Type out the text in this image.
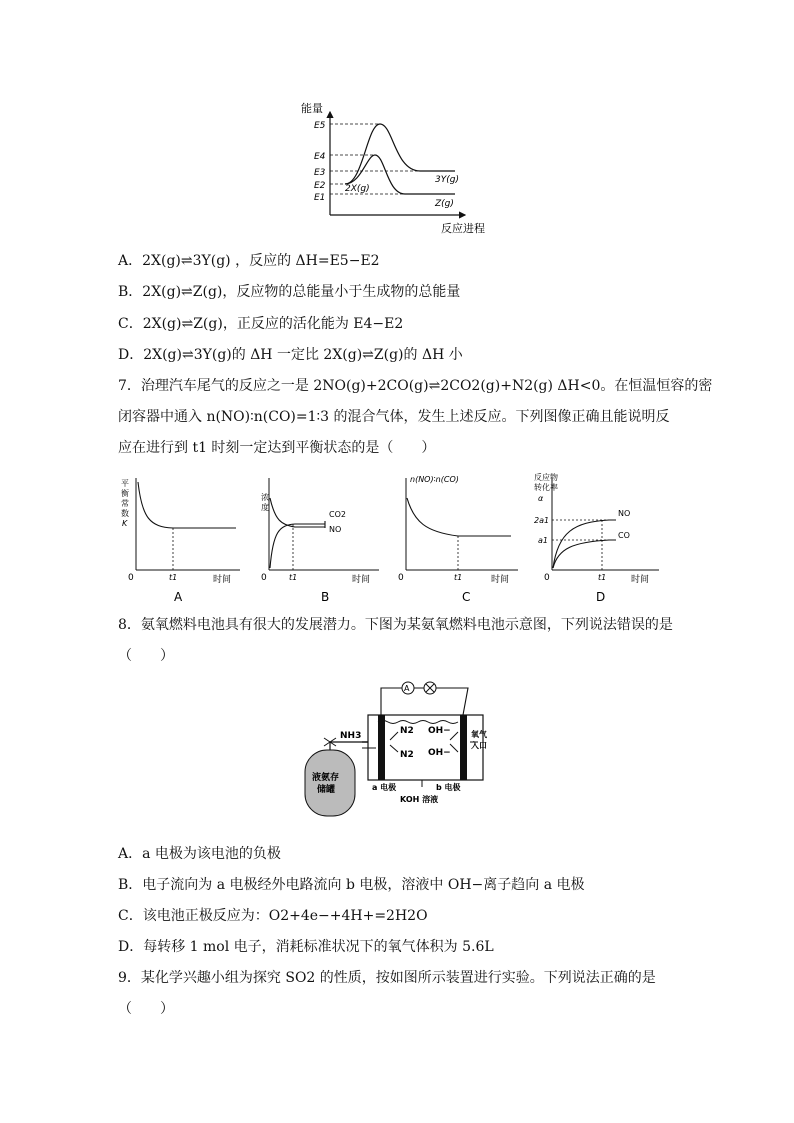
能量
反应进程
E5
E4
E3
E2
E1
3Y(g)
2X(g)
Z(g)
A．2X(g)⇌3Y(g) ，反应的 ΔH=E5−E2
B．2X(g)⇌Z(g)，反应物的总能量小于生成物的总能量
C．2X(g)⇌Z(g)，正反应的活化能为 E4−E2
D．2X(g)⇌3Y(g)的 ΔH 一定比 2X(g)⇌Z(g)的 ΔH 小
7．治理汽车尾气的反应之一是 2NO(g)+2CO(g)⇌2CO2(g)+N2(g) ΔH<0。在恒温恒容的密
闭容器中通入 n(NO)∶n(CO)=1∶3 的混合气体，发生上述反应。下列图像正确且能说明反
应在进行到 t1 时刻一定达到平衡状态的是（　　）
平
衡
常
数
K
0	t1	时间
A
浓
度
CO2
NO
0	t1	时间
B
n(NO)∶n(CO)
0	t1	时间
C
反应物
转化率
α
2a1
a1
NO
CO
0	t1	时间
D
8．氨氧燃料电池具有很大的发展潜力。下图为某氨氧燃料电池示意图，下列说法错误的是
（　　）
液氨存
储罐
NH3
A
N2
N2
OH−
OH−
氧气
入口
a 电极	b 电极
KOH 溶液
A．a 电极为该电池的负极
B．电子流向为 a 电极经外电路流向 b 电极，溶液中 OH−离子趋向 a 电极
C．该电池正极反应为：O2+4e−+4H+=2H2O
D．每转移 1 mol 电子，消耗标准状况下的氧气体积为 5.6L
9．某化学兴趣小组为探究 SO2 的性质，按如图所示装置进行实验。下列说法正确的是
（　　）
